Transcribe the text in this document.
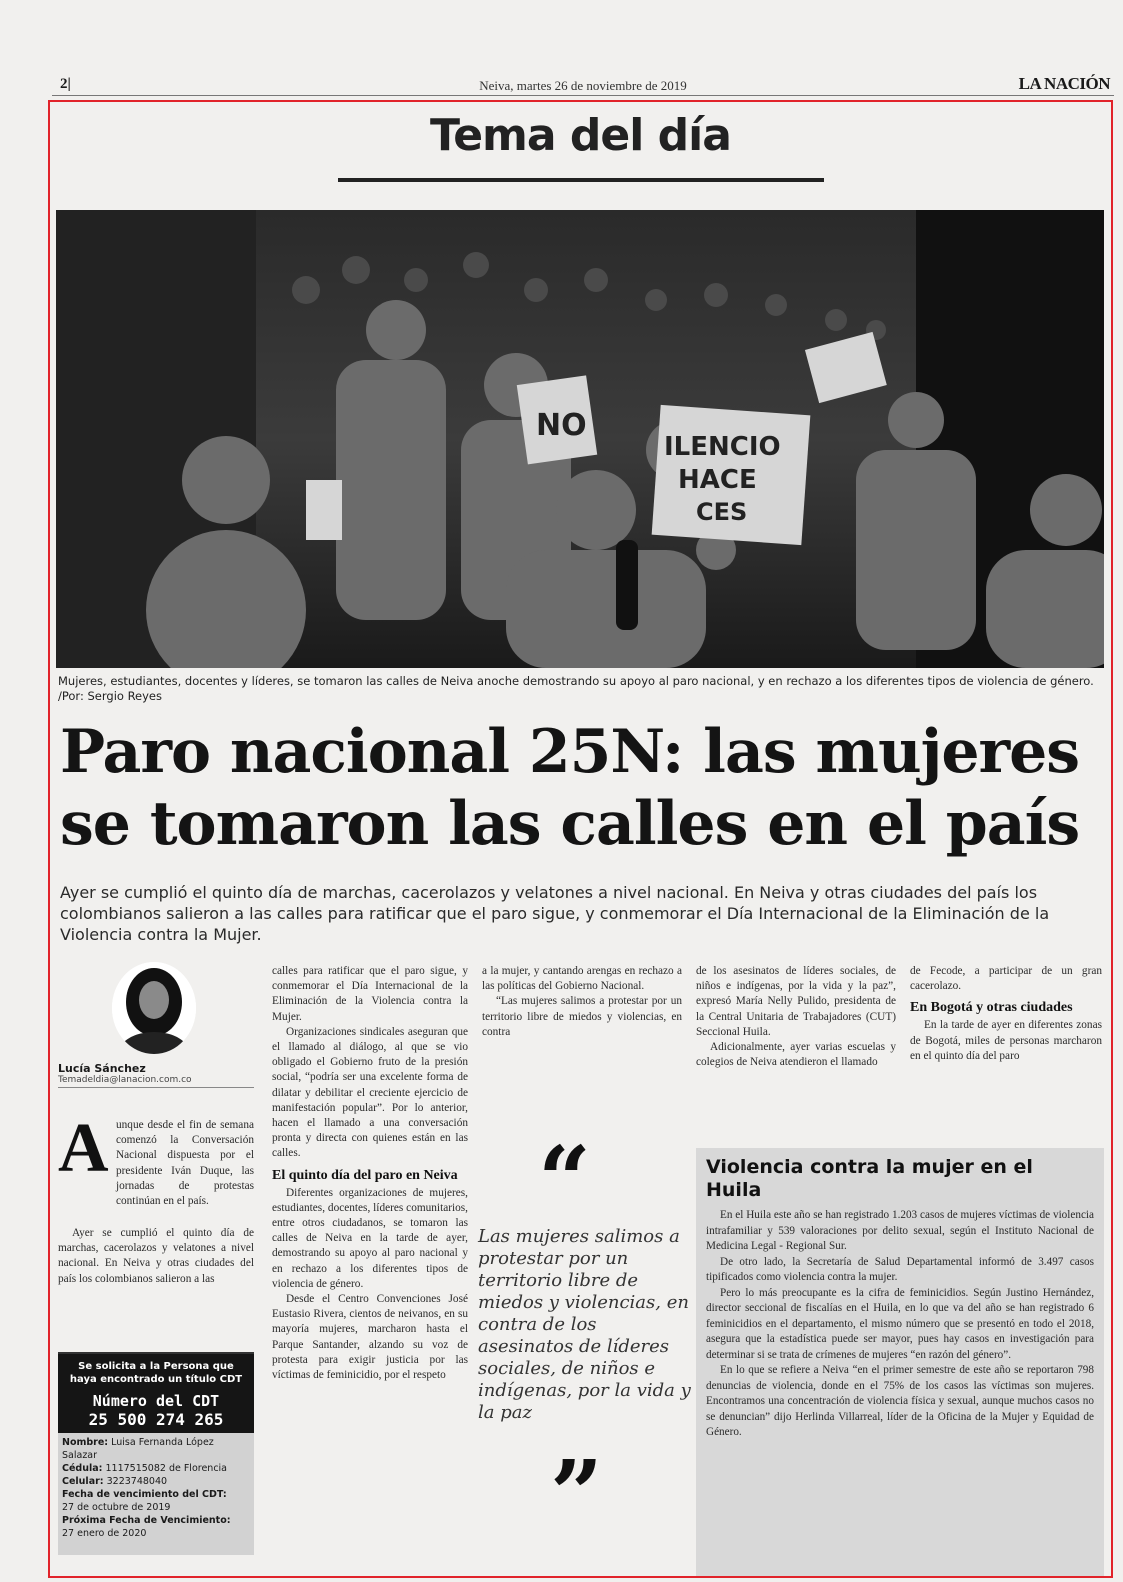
2|	Neiva, martes 26 de noviembre de 2019	LA NACIÓN
Tema del día
NO
ILENCIO
HACE
CES
Mujeres, estudiantes, docentes y líderes, se tomaron las calles de Neiva anoche demostrando su apoyo al paro nacional, y en rechazo a los diferentes tipos de violencia de género. /Por: Sergio Reyes
Paro nacional 25N: las mujeres se tomaron las calles en el país
Ayer se cumplió el quinto día de marchas, cacerolazos y velatones a nivel nacional. En Neiva y otras ciudades del país los colombianos salieron a las calles para ratificar que el paro sigue, y conmemorar el Día Internacional de la Eliminación de la Violencia contra la Mujer.
Lucía Sánchez
Temadeldia@lanacion.com.co
A unque desde el fin de semana comenzó la Conversación Nacional dispuesta por el presidente Iván Duque, las jornadas de protestas continúan en el país.

Ayer se cumplió el quinto día de marchas, cacerolazos y velatones a nivel nacional. En Neiva y otras ciudades del país los colombianos salieron a las

Se solicita a la Persona que
haya encontrado un título CDT
Número del CDT
25 500 274 265
Nombre: Luisa Fernanda López Salazar
Cédula: 1117515082 de Florencia
Celular: 3223748040
Fecha de vencimiento del CDT:
27 de octubre de 2019
Próxima Fecha de Vencimiento:
27 enero de 2020

calles para ratificar que el paro sigue, y conmemorar el Día Internacional de la Eliminación de la Violencia contra la Mujer.

Organizaciones sindicales aseguran que el llamado al diálogo, al que se vio obligado el Gobierno fruto de la presión social, “podría ser una excelente forma de dilatar y debilitar el creciente ejercicio de manifestación popular”. Por lo anterior, hacen el llamado a una conversación pronta y directa con quienes están en las calles.

El quinto día del paro en Neiva

Diferentes organizaciones de mujeres, estudiantes, docentes, líderes comunitarios, entre otros ciudadanos, se tomaron las calles de Neiva en la tarde de ayer, demostrando su apoyo al paro nacional y en rechazo a los diferentes tipos de violencia de género.

Desde el Centro Convenciones José Eustasio Rivera, cientos de neivanos, en su mayoría mujeres, marcharon hasta el Parque Santander, alzando su voz de protesta para exigir justicia por las víctimas de feminicidio, por el respeto

a la mujer, y cantando arengas en rechazo a las políticas del Gobierno Nacional.

“Las mujeres salimos a protestar por un territorio libre de miedos y violencias, en contra

de los asesinatos de líderes sociales, de niños e indígenas, por la vida y la paz”, expresó María Nelly Pulido, presidenta de la Central Unitaria de Trabajadores (CUT) Seccional Huila.

Adicionalmente, ayer varias escuelas y colegios de Neiva atendieron el llamado

de Fecode, a participar de un gran cacerolazo.

En Bogotá y otras ciudades

En la tarde de ayer en diferentes zonas de Bogotá, miles de personas marcharon en el quinto día del paro

“
Las mujeres salimos a protestar por un territorio libre de miedos y violencias, en contra de los asesinatos de líderes sociales, de niños e indígenas, por la vida y la paz
”
Violencia contra la mujer en el Huila

En el Huila este año se han registrado 1.203 casos de mujeres víctimas de violencia intrafamiliar y 539 valoraciones por delito sexual, según el Instituto Nacional de Medicina Legal - Regional Sur.

De otro lado, la Secretaría de Salud Departamental informó de 3.497 casos tipificados como violencia contra la mujer.

Pero lo más preocupante es la cifra de feminicidios. Según Justino Hernández, director seccional de fiscalías en el Huila, en lo que va del año se han registrado 6 feminicidios en el departamento, el mismo número que se presentó en todo el 2018, asegura que la estadística puede ser mayor, pues hay casos en investigación para determinar si se trata de crímenes de mujeres “en razón del género”.

En lo que se refiere a Neiva “en el primer semestre de este año se reportaron 798 denuncias de violencia, donde en el 75% de los casos las víctimas son mujeres. Encontramos una concentración de violencia física y sexual, aunque muchos casos no se denuncian” dijo Herlinda Villarreal, líder de la Oficina de la Mujer y Equidad de Género.
